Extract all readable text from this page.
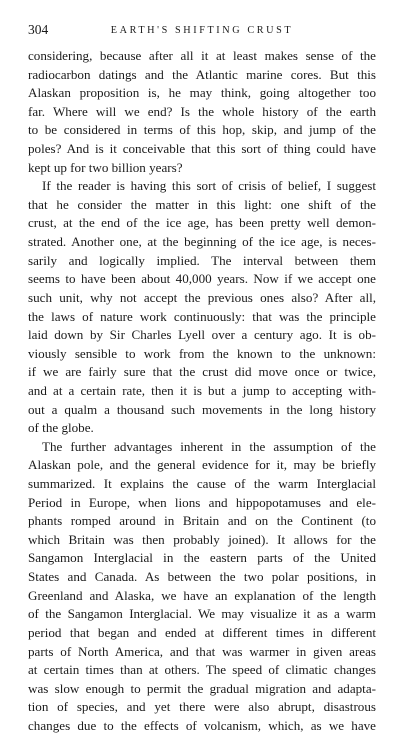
304	EARTH'S SHIFTING CRUST
considering, because after all it at least makes sense of the
radiocarbon datings and the Atlantic marine cores. But this
Alaskan proposition is, he may think, going altogether too
far. Where will we end? Is the whole history of the earth
to be considered in terms of this hop, skip, and jump of the
poles? And is it conceivable that this sort of thing could have
kept up for two billion years?
If the reader is having this sort of crisis of belief, I suggest
that he consider the matter in this light: one shift of the
crust, at the end of the ice age, has been pretty well demon-
strated. Another one, at the beginning of the ice age, is neces-
sarily and logically implied. The interval between them
seems to have been about 40,000 years. Now if we accept one
such unit, why not accept the previous ones also? After all,
the laws of nature work continuously: that was the principle
laid down by Sir Charles Lyell over a century ago. It is ob-
viously sensible to work from the known to the unknown:
if we are fairly sure that the crust did move once or twice,
and at a certain rate, then it is but a jump to accepting with-
out a qualm a thousand such movements in the long history
of the globe.
The further advantages inherent in the assumption of the
Alaskan pole, and the general evidence for it, may be briefly
summarized. It explains the cause of the warm Interglacial
Period in Europe, when lions and hippopotamuses and ele-
phants romped around in Britain and on the Continent (to
which Britain was then probably joined). It allows for the
Sangamon Interglacial in the eastern parts of the United
States and Canada. As between the two polar positions, in
Greenland and Alaska, we have an explanation of the length
of the Sangamon Interglacial. We may visualize it as a warm
period that began and ended at different times in different
parts of North America, and that was warmer in given areas
at certain times than at others. The speed of climatic changes
was slow enough to permit the gradual migration and adapta-
tion of species, and yet there were also abrupt, disastrous
changes due to the effects of volcanism, which, as we have
